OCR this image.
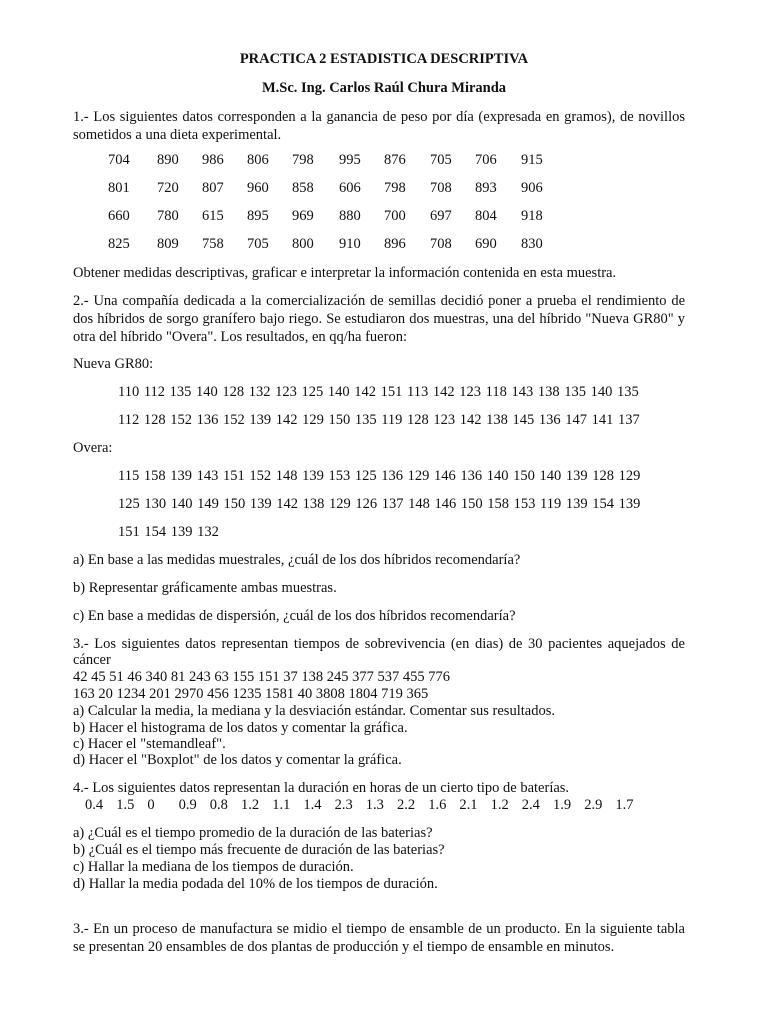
PRACTICA 2 ESTADISTICA DESCRIPTIVA
M.Sc. Ing. Carlos Raúl Chura Miranda
1.- Los siguientes datos corresponden a la ganancia de peso por día (expresada en gramos), de novillos sometidos a una dieta experimental.
704 890 986 806 798 995 876 705 706 915
801 720 807 960 858 606 798 708 893 906
660 780 615 895 969 880 700 697 804 918
825 809 758 705 800 910 896 708 690 830
Obtener medidas descriptivas, graficar e interpretar la información contenida en esta muestra.
2.- Una compañía dedicada a la comercialización de semillas decidió poner a prueba el rendimiento de dos híbridos de sorgo granífero bajo riego. Se estudiaron dos muestras, una del híbrido "Nueva GR80" y otra del híbrido "Overa". Los resultados, en qq/ha fueron:
Nueva GR80:
110 112 135 140 128 132 123 125 140 142 151 113 142 123 118 143 138 135 140 135
112 128 152 136 152 139 142 129 150 135 119 128 123 142 138 145 136 147 141 137
Overa:
115 158 139 143 151 152 148 139 153 125 136 129 146 136 140 150 140 139 128 129
125 130 140 149 150 139 142 138 129 126 137 148 146 150 158 153 119 139 154 139
151 154 139 132
a) En base a las medidas muestrales, ¿cuál de los dos híbridos recomendaría?
b) Representar gráficamente ambas muestras.
c) En base a medidas de dispersión, ¿cuál de los dos híbridos recomendaría?
3.- Los siguientes datos representan tiempos de sobrevivencia (en dias) de 30 pacientes aquejados de cáncer
42 45 51 46 340 81 243 63 155 151 37 138 245 377 537 455 776
163 20 1234 201 2970 456 1235 1581 40 3808 1804 719 365
a) Calcular la media, la mediana y la desviación estándar. Comentar sus resultados.
b) Hacer el histograma de los datos y comentar la gráfica.
c) Hacer el "stemandleaf".
d) Hacer el "Boxplot" de los datos y comentar la gráfica.
4.- Los siguientes datos representan la duración en horas de un cierto tipo de baterías.
0.4 1.5 0 0.9 0.8 1.2 1.1 1.4 2.3 1.3 2.2 1.6 2.1 1.2 2.4 1.9 2.9 1.7
a) ¿Cuál es el tiempo promedio de la duración de las baterias?
b) ¿Cuál es el tiempo más frecuente de duración de las baterias?
c) Hallar la mediana de los tiempos de duración.
d) Hallar la media podada del 10% de los tiempos de duración.
3.- En un proceso de manufactura se midio el tiempo de ensamble de un producto. En la siguiente tabla se presentan 20 ensambles de dos plantas de producción y el tiempo de ensamble en minutos.
